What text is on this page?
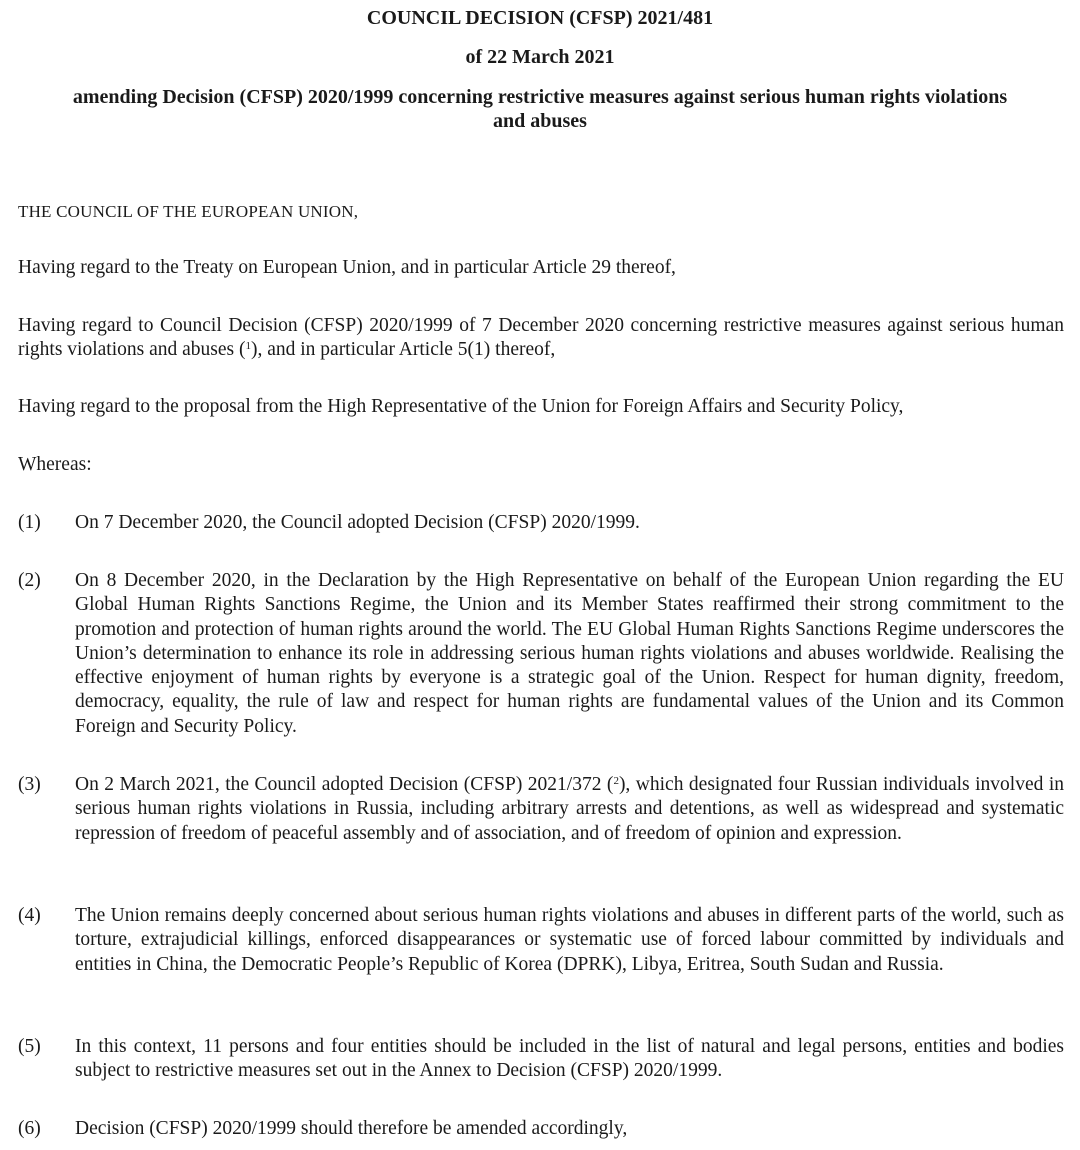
COUNCIL DECISION (CFSP) 2021/481

of 22 March 2021

amending Decision (CFSP) 2020/1999 concerning restrictive measures against serious human rights violations and abuses

THE COUNCIL OF THE EUROPEAN UNION,

Having regard to the Treaty on European Union, and in particular Article 29 thereof,

Having regard to Council Decision (CFSP) 2020/1999 of 7 December 2020 concerning restrictive measures against serious human rights violations and abuses ($^1$), and in particular Article 5(1) thereof,

Having regard to the proposal from the High Representative of the Union for Foreign Affairs and Security Policy,

Whereas:

(1)	On 7 December 2020, the Council adopted Decision (CFSP) 2020/1999.

(2)	On 8 December 2020, in the Declaration by the High Representative on behalf of the European Union regarding the EU Global Human Rights Sanctions Regime, the Union and its Member States reaffirmed their strong commitment to the promotion and protection of human rights around the world. The EU Global Human Rights Sanctions Regime underscores the Union’s determination to enhance its role in addressing serious human rights violations and abuses worldwide. Realising the effective enjoyment of human rights by everyone is a strategic goal of the Union. Respect for human dignity, freedom, democracy, equality, the rule of law and respect for human rights are fundamental values of the Union and its Common Foreign and Security Policy.

(3)	On 2 March 2021, the Council adopted Decision (CFSP) 2021/372 ($^2$), which designated four Russian individuals involved in serious human rights violations in Russia, including arbitrary arrests and detentions, as well as widespread and systematic repression of freedom of peaceful assembly and of association, and of freedom of opinion and expression.

(4)	The Union remains deeply concerned about serious human rights violations and abuses in different parts of the world, such as torture, extrajudicial killings, enforced disappearances or systematic use of forced labour committed by individuals and entities in China, the Democratic People’s Republic of Korea (DPRK), Libya, Eritrea, South Sudan and Russia.

(5)	In this context, 11 persons and four entities should be included in the list of natural and legal persons, entities and bodies subject to restrictive measures set out in the Annex to Decision (CFSP) 2020/1999.

(6)	Decision (CFSP) 2020/1999 should therefore be amended accordingly,
